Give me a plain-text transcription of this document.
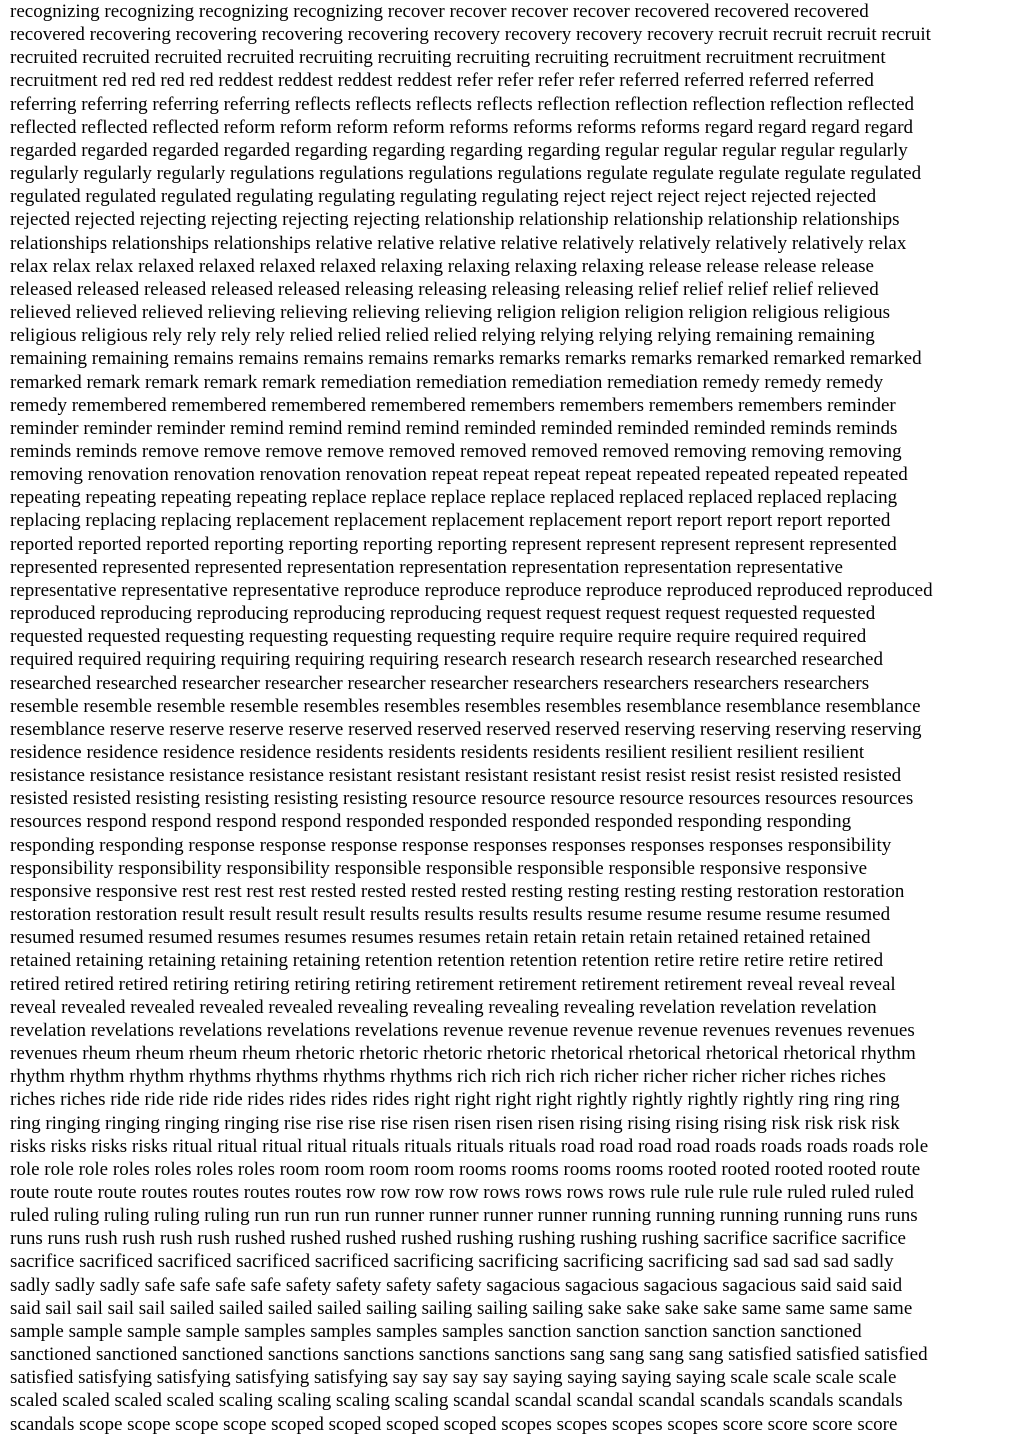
recognizing recognizing recognizing recognizing recover recover recover recover recovered recovered recovered
recovered recovering recovering recovering recovering recovery recovery recovery recovery recruit recruit recruit recruit
recruited recruited recruited recruited recruiting recruiting recruiting recruiting recruitment recruitment recruitment
recruitment red red red red reddest reddest reddest reddest refer refer refer refer referred referred referred referred
referring referring referring referring reflects reflects reflects reflects reflection reflection reflection reflection reflected
reflected reflected reflected reform reform reform reform reforms reforms reforms reforms regard regard regard regard
regarded regarded regarded regarded regarding regarding regarding regarding regular regular regular regular regularly
regularly regularly regularly regulations regulations regulations regulations regulate regulate regulate regulate regulated
regulated regulated regulated regulating regulating regulating regulating reject reject reject reject rejected rejected
rejected rejected rejecting rejecting rejecting rejecting relationship relationship relationship relationship relationships
relationships relationships relationships relative relative relative relative relatively relatively relatively relatively relax
relax relax relax relaxed relaxed relaxed relaxed relaxing relaxing relaxing relaxing release release release release
released released released released released releasing releasing releasing releasing relief relief relief relief relieved
relieved relieved relieved relieving relieving relieving relieving religion religion religion religion religious religious
religious religious rely rely rely rely relied relied relied relied relying relying relying relying remaining remaining
remaining remaining remains remains remains remains remarks remarks remarks remarks remarked remarked remarked
remarked remark remark remark remark remediation remediation remediation remediation remedy remedy remedy
remedy remembered remembered remembered remembered remembers remembers remembers remembers reminder
reminder reminder reminder remind remind remind remind reminded reminded reminded reminded reminds reminds
reminds reminds remove remove remove remove removed removed removed removed removing removing removing
removing renovation renovation renovation renovation repeat repeat repeat repeat repeated repeated repeated repeated
repeating repeating repeating repeating replace replace replace replace replaced replaced replaced replaced replacing
replacing replacing replacing replacement replacement replacement replacement report report report report reported
reported reported reported reporting reporting reporting reporting represent represent represent represent represented
represented represented represented representation representation representation representation representative
representative representative representative reproduce reproduce reproduce reproduce reproduced reproduced reproduced
reproduced reproducing reproducing reproducing reproducing request request request request requested requested
requested requested requesting requesting requesting requesting require require require require required required
required required requiring requiring requiring requiring research research research research researched researched
researched researched researcher researcher researcher researcher researchers researchers researchers researchers
resemble resemble resemble resemble resembles resembles resembles resembles resemblance resemblance resemblance
resemblance reserve reserve reserve reserve reserved reserved reserved reserved reserving reserving reserving reserving
residence residence residence residence residents residents residents residents resilient resilient resilient resilient
resistance resistance resistance resistance resistant resistant resistant resistant resist resist resist resist resisted resisted
resisted resisted resisting resisting resisting resisting resource resource resource resource resources resources resources
resources respond respond respond respond responded responded responded responded responding responding
responding responding response response response response responses responses responses responses responsibility
responsibility responsibility responsibility responsible responsible responsible responsible responsive responsive
responsive responsive rest rest rest rest rested rested rested rested resting resting resting resting restoration restoration
restoration restoration result result result result results results results results resume resume resume resume resumed
resumed resumed resumed resumes resumes resumes resumes retain retain retain retain retained retained retained
retained retaining retaining retaining retaining retention retention retention retention retire retire retire retire retired
retired retired retired retiring retiring retiring retiring retirement retirement retirement retirement reveal reveal reveal
reveal revealed revealed revealed revealed revealing revealing revealing revealing revelation revelation revelation
revelation revelations revelations revelations revelations revenue revenue revenue revenue revenues revenues revenues
revenues rheum rheum rheum rheum rhetoric rhetoric rhetoric rhetoric rhetorical rhetorical rhetorical rhetorical rhythm
rhythm rhythm rhythm rhythms rhythms rhythms rhythms rich rich rich rich richer richer richer richer riches riches
riches riches ride ride ride ride rides rides rides rides right right right right rightly rightly rightly rightly ring ring ring
ring ringing ringing ringing ringing rise rise rise rise risen risen risen risen rising rising rising rising risk risk risk risk
risks risks risks risks ritual ritual ritual ritual rituals rituals rituals rituals road road road road roads roads roads roads role
role role role roles roles roles roles room room room room rooms rooms rooms rooms rooted rooted rooted rooted route
route route route routes routes routes routes row row row row rows rows rows rows rule rule rule rule ruled ruled ruled
ruled ruling ruling ruling ruling run run run run runner runner runner runner running running running running runs runs
runs runs rush rush rush rush rushed rushed rushed rushed rushing rushing rushing rushing sacrifice sacrifice sacrifice
sacrifice sacrificed sacrificed sacrificed sacrificed sacrificing sacrificing sacrificing sacrificing sad sad sad sad sadly
sadly sadly sadly safe safe safe safe safety safety safety safety sagacious sagacious sagacious sagacious said said said
said sail sail sail sail sailed sailed sailed sailed sailing sailing sailing sailing sake sake sake sake same same same same
sample sample sample sample samples samples samples samples sanction sanction sanction sanction sanctioned
sanctioned sanctioned sanctioned sanctions sanctions sanctions sanctions sang sang sang sang satisfied satisfied satisfied
satisfied satisfying satisfying satisfying satisfying say say say say saying saying saying saying scale scale scale scale
scaled scaled scaled scaled scaling scaling scaling scaling scandal scandal scandal scandal scandals scandals scandals
scandals scope scope scope scope scoped scoped scoped scoped scopes scopes scopes scopes score score score score
